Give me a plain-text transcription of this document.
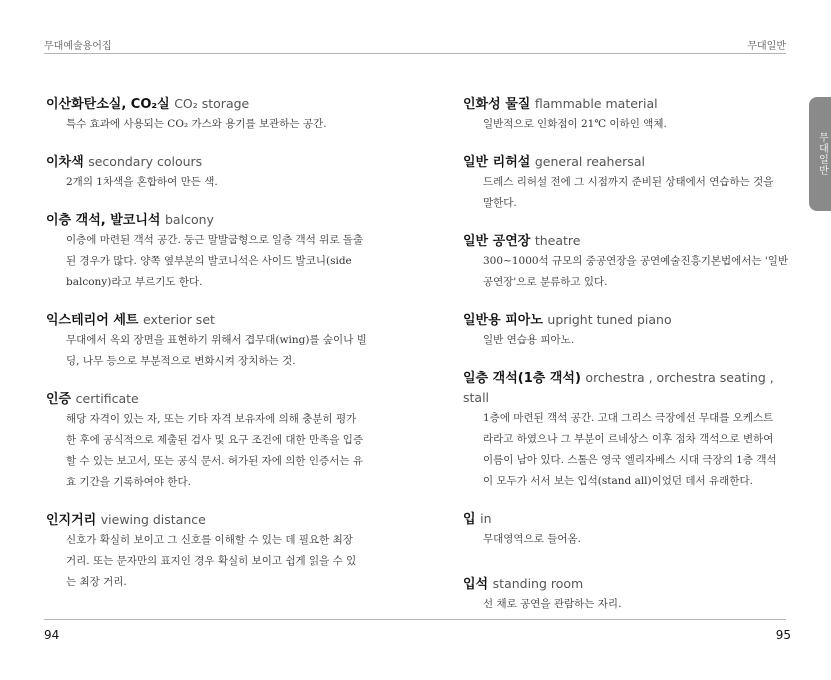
무대예술용어집	무대일반
무대일반
이산화탄소실, CO₂실 CO₂ storage
특수 효과에 사용되는 CO₂ 가스와 용기를 보관하는 공간.
이차색 secondary colours
2개의 1차색을 혼합하여 만든 색.
이층 객석, 발코니석 balcony
이층에 마련된 객석 공간. 둥근 말발굽형으로 일층 객석 위로 돌출
된 경우가 많다. 양쪽 옆부분의 발코니석은 사이드 발코니(side
balcony)라고 부르기도 한다.
익스테리어 세트 exterior set
무대에서 옥외 장면을 표현하기 위해서 겹무대(wing)를 숲이나 빌
딩, 나무 등으로 부분적으로 변화시켜 장치하는 것.
인증 certificate
해당 자격이 있는 자, 또는 기타 자격 보유자에 의해 충분히 평가
한 후에 공식적으로 제출된 검사 및 요구 조건에 대한 만족을 입증
할 수 있는 보고서, 또는 공식 문서. 허가된 자에 의한 인증서는 유
효 기간을 기록하여야 한다.
인지거리 viewing distance
신호가 확실히 보이고 그 신호를 이해할 수 있는 데 필요한 최장
거리. 또는 문자만의 표지인 경우 확실히 보이고 쉽게 읽을 수 있
는 최장 거리.
인화성 물질 flammable material
일반적으로 인화점이 21℃ 이하인 액체.
일반 리허설 general reahersal
드레스 리허설 전에 그 시점까지 준비된 상태에서 연습하는 것을
말한다.
일반 공연장 theatre
300~1000석 규모의 중공연장을 공연예술진흥기본법에서는 '일반
공연장'으로 분류하고 있다.
일반용 피아노 upright tuned piano
일반 연습용 피아노.
일층 객석(1층 객석) orchestra , orchestra seating , stall
1층에 마련된 객석 공간. 고대 그리스 극장에선 무대를 오케스트
라라고 하였으나 그 부분이 르네상스 이후 점차 객석으로 변하여
이름이 남아 있다. 스톨은 영국 엘리자베스 시대 극장의 1층 객석
이 모두가 서서 보는 입석(stand all)이었던 데서 유래한다.
입 in
무대영역으로 들어옴.
입석 standing room
선 채로 공연을 관람하는 자리.
94	95
